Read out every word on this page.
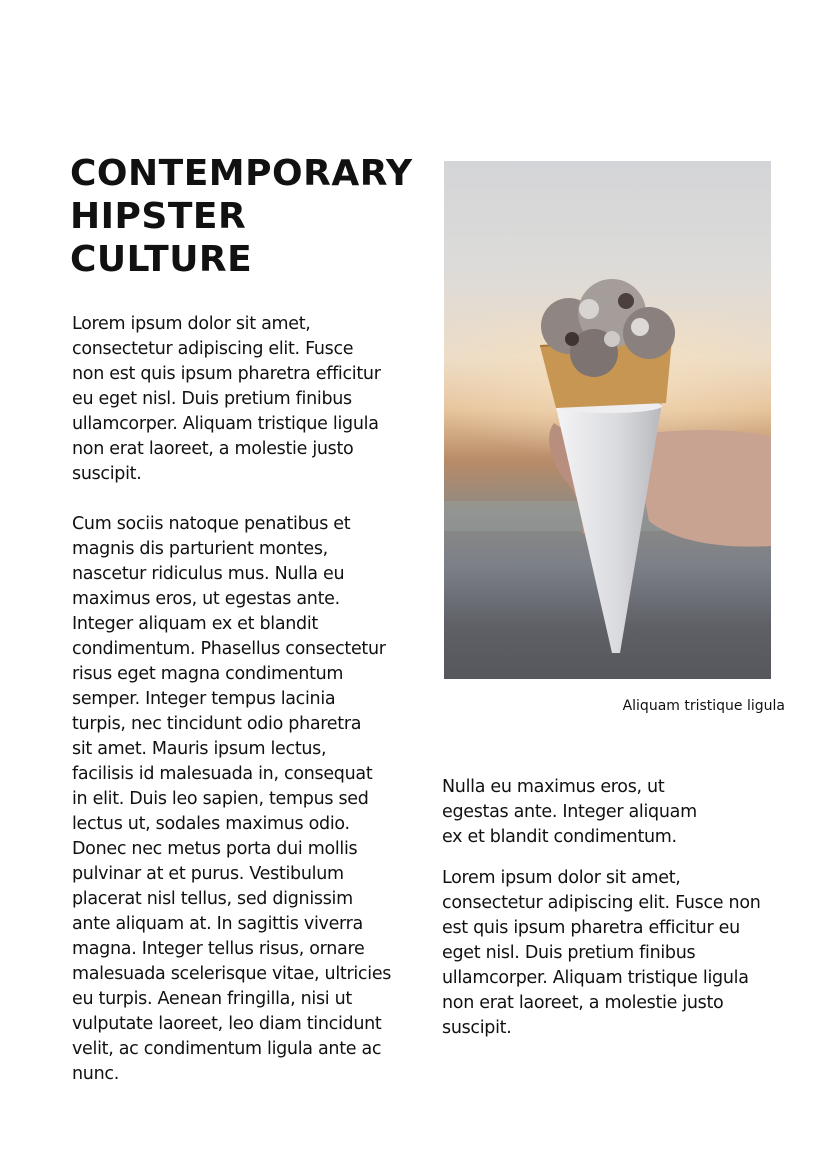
CONTEMPORARY
HIPSTER
CULTURE

Lorem ipsum dolor sit amet,
consectetur adipiscing elit. Fusce
non est quis ipsum pharetra efficitur
eu eget nisl. Duis pretium finibus
ullamcorper. Aliquam tristique ligula
non erat laoreet, a molestie justo
suscipit.

Cum sociis natoque penatibus et
magnis dis parturient montes,
nascetur ridiculus mus. Nulla eu
maximus eros, ut egestas ante.
Integer aliquam ex et blandit
condimentum. Phasellus consectetur
risus eget magna condimentum
semper. Integer tempus lacinia
turpis, nec tincidunt odio pharetra
sit amet. Mauris ipsum lectus,
facilisis id malesuada in, consequat
in elit. Duis leo sapien, tempus sed
lectus ut, sodales maximus odio.
Donec nec metus porta dui mollis
pulvinar at et purus. Vestibulum
placerat nisl tellus, sed dignissim
ante aliquam at. In sagittis viverra
magna. Integer tellus risus, ornare
malesuada scelerisque vitae, ultricies
eu turpis. Aenean fringilla, nisi ut
vulputate laoreet, leo diam tincidunt
velit, ac condimentum ligula ante ac
nunc.

Aliquam tristique ligula

Nulla eu maximus eros, ut
egestas ante. Integer aliquam
ex et blandit condimentum.

Lorem ipsum dolor sit amet,
consectetur adipiscing elit. Fusce non
est quis ipsum pharetra efficitur eu
eget nisl. Duis pretium finibus
ullamcorper. Aliquam tristique ligula
non erat laoreet, a molestie justo
suscipit.
